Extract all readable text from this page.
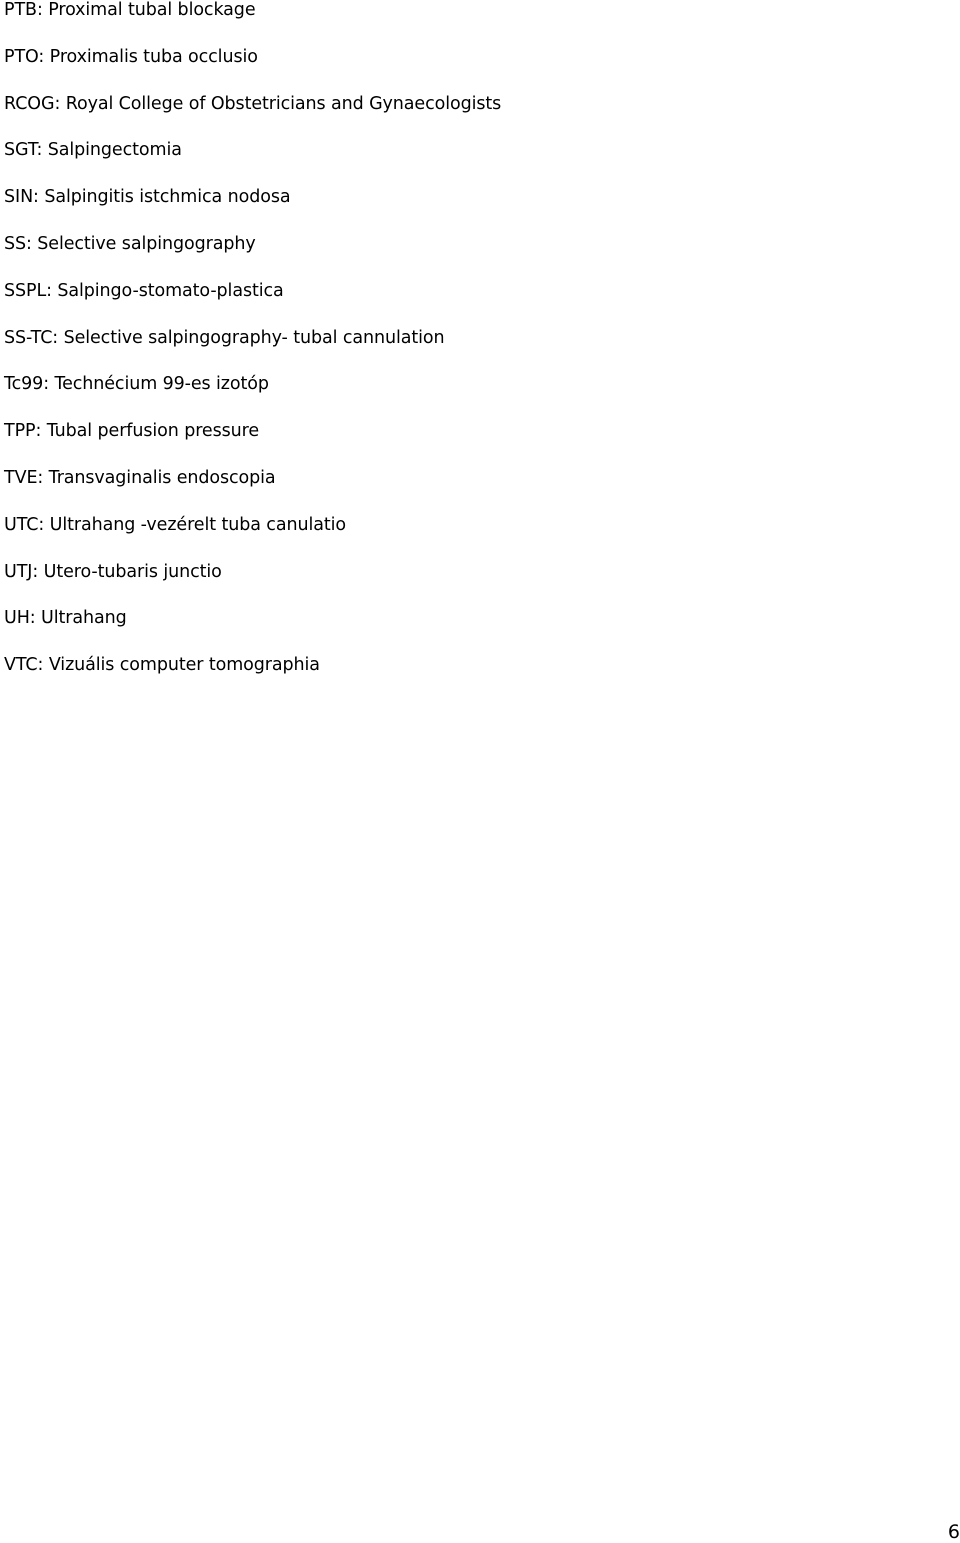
PTB: Proximal tubal blockage
PTO: Proximalis tuba occlusio
RCOG: Royal College of Obstetricians and Gynaecologists
SGT: Salpingectomia
SIN: Salpingitis istchmica nodosa
SS: Selective salpingography
SSPL: Salpingo-stomato-plastica
SS-TC: Selective salpingography- tubal cannulation
Tc99: Technécium 99-es izotóp
TPP: Tubal perfusion pressure
TVE: Transvaginalis endoscopia
UTC: Ultrahang -vezérelt tuba canulatio
UTJ: Utero-tubaris junctio
UH: Ultrahang
VTC: Vizuális computer tomographia
6
